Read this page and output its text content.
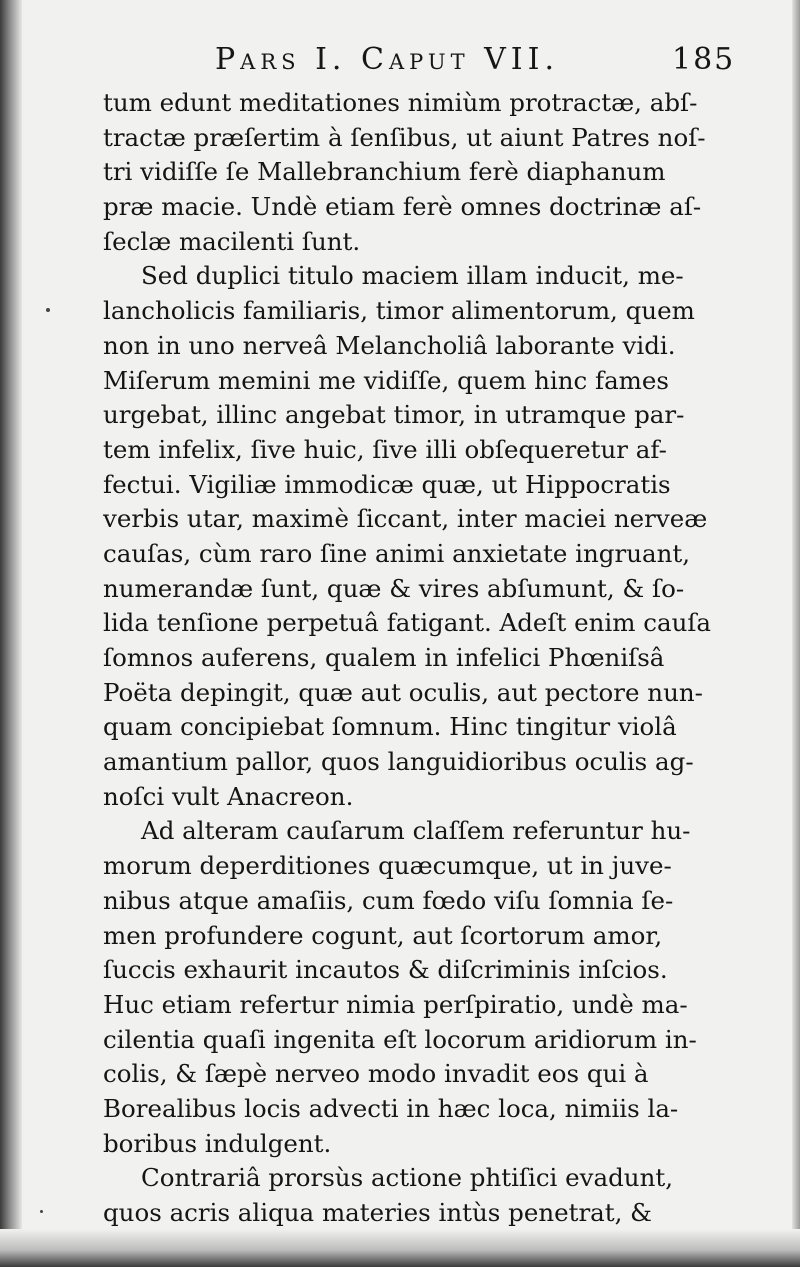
Pars I. Caput VII.	185
tum edunt meditationes nimiùm protractæ, abſ-
tractæ præſertim à ſenſibus, ut aiunt Patres noſ-
tri vidiſſe ſe Mallebranchium ferè diaphanum
præ macie. Undè etiam ferè omnes doctrinæ aſ-
ſeclæ macilenti ſunt.
Sed duplici titulo maciem illam inducit, me-
lancholicis familiaris, timor alimentorum, quem
non in uno nerveâ Melancholiâ laborante vidi.
Miſerum memini me vidiſſe, quem hinc fames
urgebat, illinc angebat timor, in utramque par-
tem infelix, ſive huic, ſive illi obſequeretur af-
fectui. Vigiliæ immodicæ quæ, ut Hippocratis
verbis utar, maximè ſiccant, inter maciei nerveæ
cauſas, cùm raro ſine animi anxietate ingruant,
numerandæ ſunt, quæ & vires abſumunt, & ſo-
lida tenſione perpetuâ fatigant. Adeſt enim cauſa
ſomnos auferens, qualem in infelici Phœniſsâ
Poëta depingit, quæ aut oculis, aut pectore nun-
quam concipiebat ſomnum. Hinc tingitur violâ
amantium pallor, quos languidioribus oculis ag-
noſci vult Anacreon.
Ad alteram cauſarum claſſem referuntur hu-
morum deperditiones quæcumque, ut in juve-
nibus atque amaſiis, cum fœdo viſu ſomnia ſe-
men profundere cogunt, aut ſcortorum amor,
ſuccis exhaurit incautos & diſcriminis inſcios.
Huc etiam refertur nimia perſpiratio, undè ma-
cilentia quaſi ingenita eſt locorum aridiorum in-
colis, & ſæpè nerveo modo invadit eos qui à
Borealibus locis advecti in hæc loca, nimiis la-
boribus indulgent.
Contrariâ prorsùs actione phtiſici evadunt,
quos acris aliqua materies intùs penetrat, &
